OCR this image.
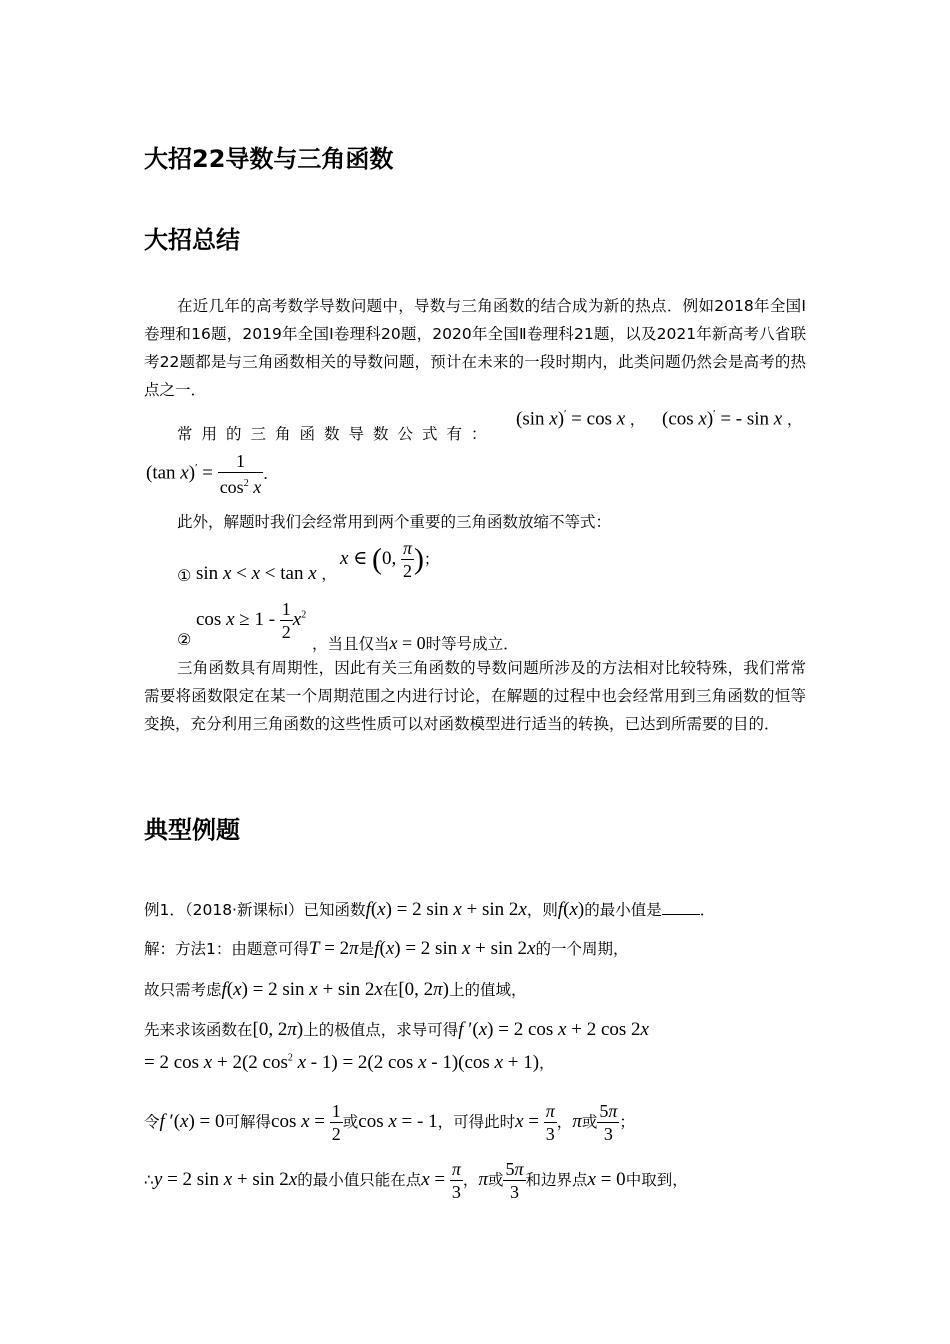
大招22导数与三角函数
大招总结
在近几年的高考数学导数问题中，导数与三角函数的结合成为新的热点．例如2018年全国Ⅰ卷理和16题，2019年全国Ⅰ卷理科20题，2020年全国Ⅱ卷理科21题，以及2021年新高考八省联考22题都是与三角函数相关的导数问题，预计在未来的一段时期内，此类问题仍然会是高考的热点之一．
常用的三角函数导数公式有：
(sin x)′ = cos x ， (cos x)′ = - sin x ，
(tan $x)' = \frac{1}{\cos^2 x}$ ．
此外，解题时我们会经常用到两个重要的三角函数放缩不等式：
① sin x < x < tan x ，
x ∈ (0, $\frac{\pi}{2}$ )；
②
$\cos x \ge 1 - \frac{1}{2} x^2$
，当且仅当x = 0时等号成立．
三角函数具有周期性，因此有关三角函数的导数问题所涉及的方法相对比较特殊，我们常常需要将函数限定在某一个周期范围之内进行讨论，在解题的过程中也会经常用到三角函数的恒等变换，充分利用三角函数的这些性质可以对函数模型进行适当的转换，已达到所需要的目的．
典型例题
例1．（2018·新课标Ⅰ）已知函数f(x) = 2 sin x + sin 2x，则f(x)的最小值是 ．
解：方法1：由题意可得T = 2π是f(x) = 2 sin x + sin 2x的一个周期，
故只需考虑f(x) = 2 sin x + sin 2x在[0, 2π)上的值域，
先来求该函数在[0, 2π)上的极值点，求导可得f ′(x) = 2 cos x + 2 cos 2x
= 2 cos x + 2(2 $\cos^2 x - 1) = 2(2$ cos x - 1)(cos x + 1)，
令f ′(x) = 0可解得$\cos x = \frac{1}{2}$ 或cos x = - 1，可得此时$x = \frac{\pi}{3}$ ，π或 $\frac{5\pi}{3}$ ；
∴y = 2 sin x + sin 2x的最小值只能在点$x = \frac{\pi}{3}$ ，π或 $\frac{5\pi}{3}$ 和边界点x = 0中取到，
